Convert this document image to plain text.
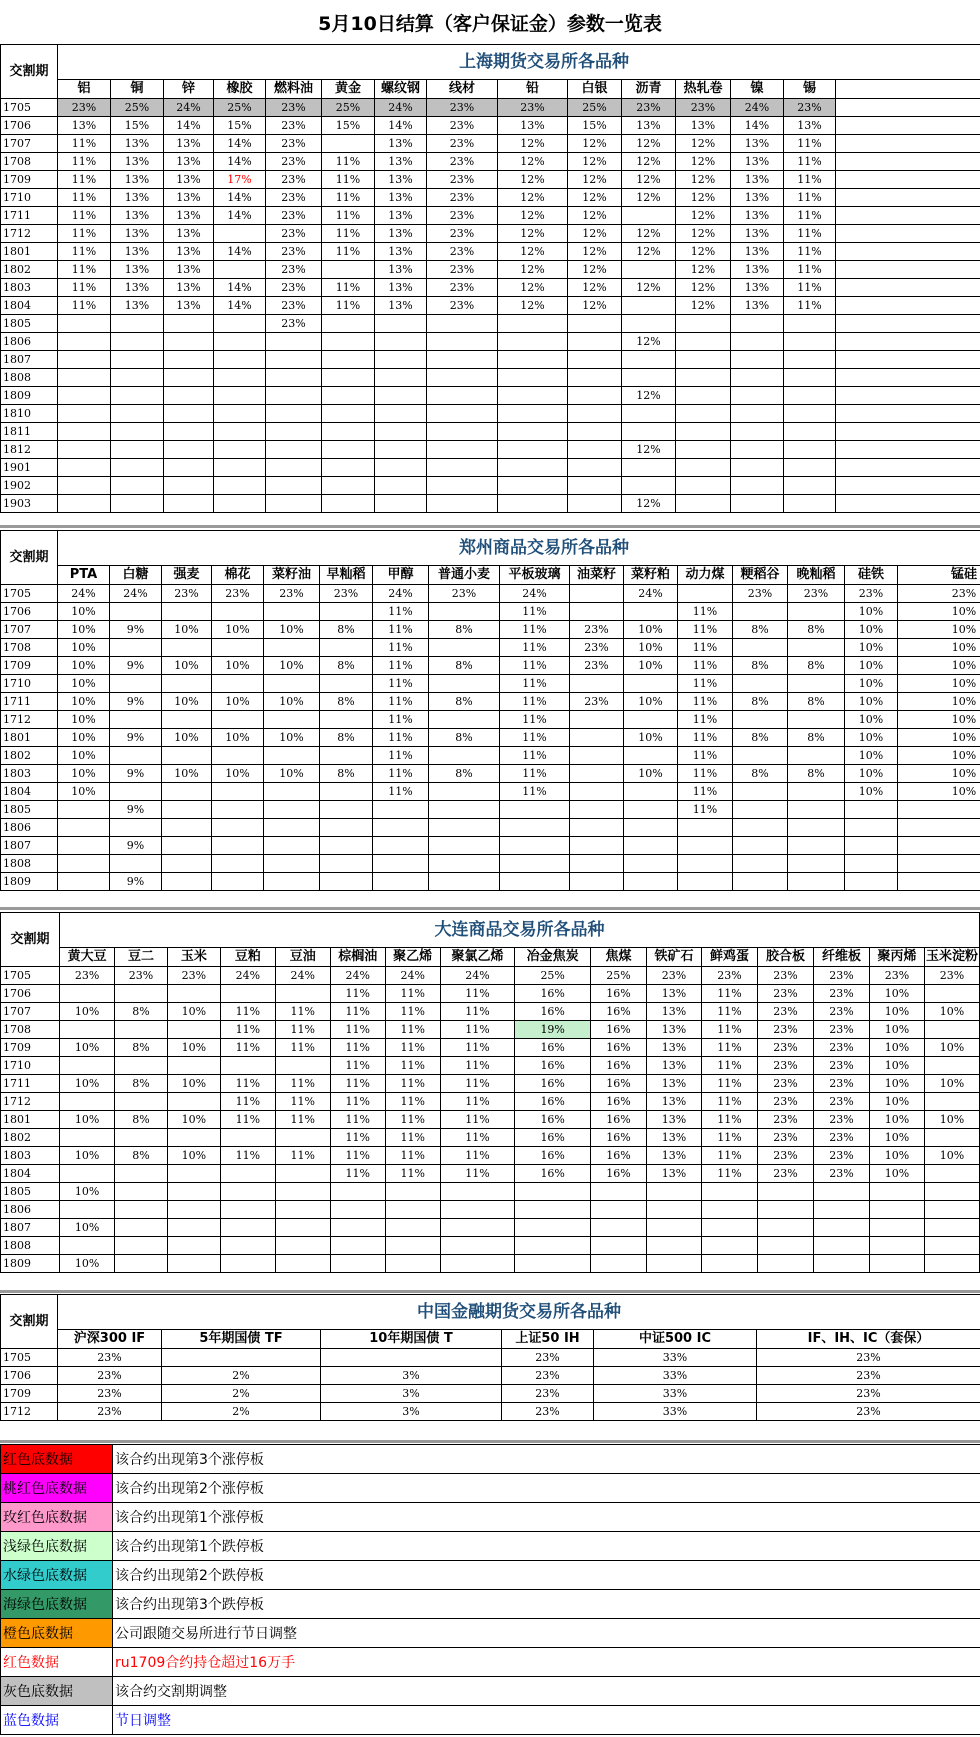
5月10日结算（客户保证金）参数一览表
交割期	上海期货交易所各品种														
	铝	铜	锌	橡胶	燃料油	黄金	螺纹钢	线材	铅	白银	沥青	热轧卷	镍	锡	
1705	23%	25%	24%	25%	23%	25%	24%	23%	23%	25%	23%	23%	24%	23%	
1706	13%	15%	14%	15%	23%	15%	14%	23%	13%	15%	13%	13%	14%	13%	
1707	11%	13%	13%	14%	23%		13%	23%	12%	12%	12%	12%	13%	11%	
1708	11%	13%	13%	14%	23%	11%	13%	23%	12%	12%	12%	12%	13%	11%	
1709	11%	13%	13%	17%	23%	11%	13%	23%	12%	12%	12%	12%	13%	11%	
1710	11%	13%	13%	14%	23%	11%	13%	23%	12%	12%	12%	12%	13%	11%	
1711	11%	13%	13%	14%	23%	11%	13%	23%	12%	12%		12%	13%	11%	
1712	11%	13%	13%		23%	11%	13%	23%	12%	12%	12%	12%	13%	11%	
1801	11%	13%	13%	14%	23%	11%	13%	23%	12%	12%	12%	12%	13%	11%	
1802	11%	13%	13%		23%		13%	23%	12%	12%		12%	13%	11%	
1803	11%	13%	13%	14%	23%	11%	13%	23%	12%	12%	12%	12%	13%	11%	
1804	11%	13%	13%	14%	23%	11%	13%	23%	12%	12%		12%	13%	11%	
1805					23%										
1806											12%				
1807															
1808															
1809											12%				
1810															
1811															
1812											12%				
1901															
1902															
1903											12%				
交割期	郑州商品交易所各品种															
	PTA	白糖	强麦	棉花	菜籽油	早籼稻	甲醇	普通小麦	平板玻璃	油菜籽	菜籽粕	动力煤	粳稻谷	晚籼稻	硅铁	锰硅
1705	24%	24%	23%	23%	23%	23%	24%	23%	24%		24%		23%	23%	23%	23%
1706	10%						11%		11%			11%			10%	10%
1707	10%	9%	10%	10%	10%	8%	11%	8%	11%	23%	10%	11%	8%	8%	10%	10%
1708	10%						11%		11%	23%	10%	11%			10%	10%
1709	10%	9%	10%	10%	10%	8%	11%	8%	11%	23%	10%	11%	8%	8%	10%	10%
1710	10%						11%		11%			11%			10%	10%
1711	10%	9%	10%	10%	10%	8%	11%	8%	11%	23%	10%	11%	8%	8%	10%	10%
1712	10%						11%		11%			11%			10%	10%
1801	10%	9%	10%	10%	10%	8%	11%	8%	11%		10%	11%	8%	8%	10%	10%
1802	10%						11%		11%			11%			10%	10%
1803	10%	9%	10%	10%	10%	8%	11%	8%	11%		10%	11%	8%	8%	10%	10%
1804	10%						11%		11%			11%			10%	10%
1805		9%										11%				
1806																
1807		9%														
1808																
1809		9%														
交割期	大连商品交易所各品种															
	黄大豆	豆二	玉米	豆粕	豆油	棕榈油	聚乙烯	聚氯乙烯	冶金焦炭	焦煤	铁矿石	鲜鸡蛋	胶合板	纤维板	聚丙烯	玉米淀粉
1705	23%	23%	23%	24%	24%	24%	24%	24%	25%	25%	23%	23%	23%	23%	23%	23%
1706						11%	11%	11%	16%	16%	13%	11%	23%	23%	10%	
1707	10%	8%	10%	11%	11%	11%	11%	11%	16%	16%	13%	11%	23%	23%	10%	10%
1708				11%	11%	11%	11%	11%	19%	16%	13%	11%	23%	23%	10%	
1709	10%	8%	10%	11%	11%	11%	11%	11%	16%	16%	13%	11%	23%	23%	10%	10%
1710						11%	11%	11%	16%	16%	13%	11%	23%	23%	10%	
1711	10%	8%	10%	11%	11%	11%	11%	11%	16%	16%	13%	11%	23%	23%	10%	10%
1712				11%	11%	11%	11%	11%	16%	16%	13%	11%	23%	23%	10%	
1801	10%	8%	10%	11%	11%	11%	11%	11%	16%	16%	13%	11%	23%	23%	10%	10%
1802						11%	11%	11%	16%	16%	13%	11%	23%	23%	10%	
1803	10%	8%	10%	11%	11%	11%	11%	11%	16%	16%	13%	11%	23%	23%	10%	10%
1804						11%	11%	11%	16%	16%	13%	11%	23%	23%	10%	
1805	10%															
1806																
1807	10%															
1808																
1809	10%															
交割期	中国金融期货交易所各品种					
	沪深300 IF	5年期国债 TF	10年期国债 T	上证50 IH	中证500 IC	IF、IH、IC（套保）
1705	23%			23%	33%	23%
1706	23%	2%	3%	23%	33%	23%
1709	23%	2%	3%	23%	33%	23%
1712	23%	2%	3%	23%	33%	23%
红色底数据	该合约出现第3个涨停板
桃红色底数据	该合约出现第2个涨停板
玫红色底数据	该合约出现第1个涨停板
浅绿色底数据	该合约出现第1个跌停板
水绿色底数据	该合约出现第2个跌停板
海绿色底数据	该合约出现第3个跌停板
橙色底数据	公司跟随交易所进行节日调整
红色数据	ru1709合约持仓超过16万手
灰色底数据	该合约交割期调整
蓝色数据	节日调整
